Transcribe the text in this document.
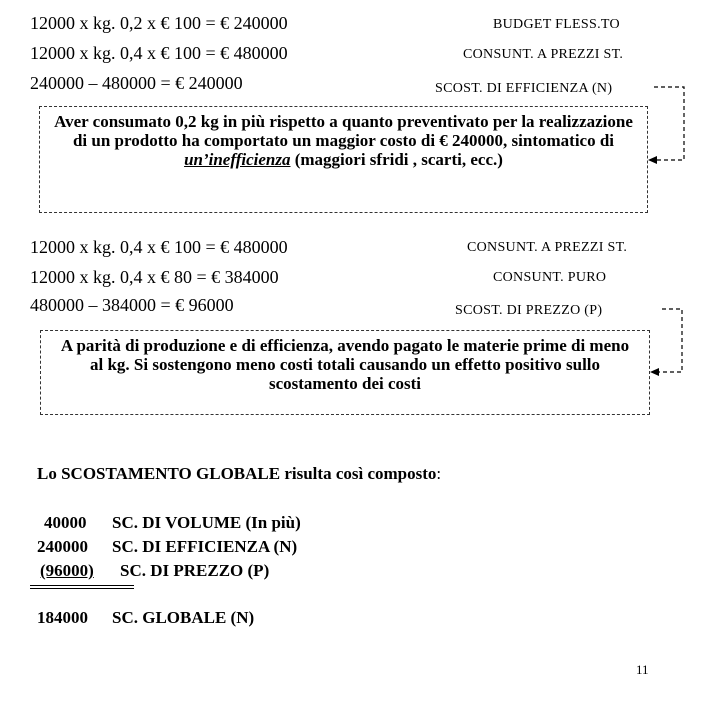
12000 x kg. 0,2 x € 100 = € 240000
12000 x kg. 0,4 x € 100 = € 480000
240000 – 480000 = € 240000
BUDGET FLESS.TO
CONSUNT. A PREZZI ST.
SCOST. DI EFFICIENZA (N)
Aver consumato 0,2 kg in più rispetto a quanto preventivato per la realizzazione di un prodotto ha comportato un maggior costo di € 240000, sintomatico di un’inefficienza (maggiori sfridi , scarti, ecc.)
12000 x kg. 0,4 x € 100 = € 480000
12000 x kg. 0,4 x € 80 = € 384000
480000 – 384000 = € 96000
CONSUNT. A PREZZI ST.
CONSUNT. PURO
SCOST. DI PREZZO (P)
A parità di produzione e di efficienza, avendo pagato le materie prime di meno al kg. Si sostengono meno costi totali causando un effetto positivo sullo scostamento dei costi
Lo SCOSTAMENTO GLOBALE risulta così composto:
40000 SC. DI VOLUME (In più)
240000 SC. DI EFFICIENZA (N)
(96000) SC. DI PREZZO (P)
184000 SC. GLOBALE (N)
11
